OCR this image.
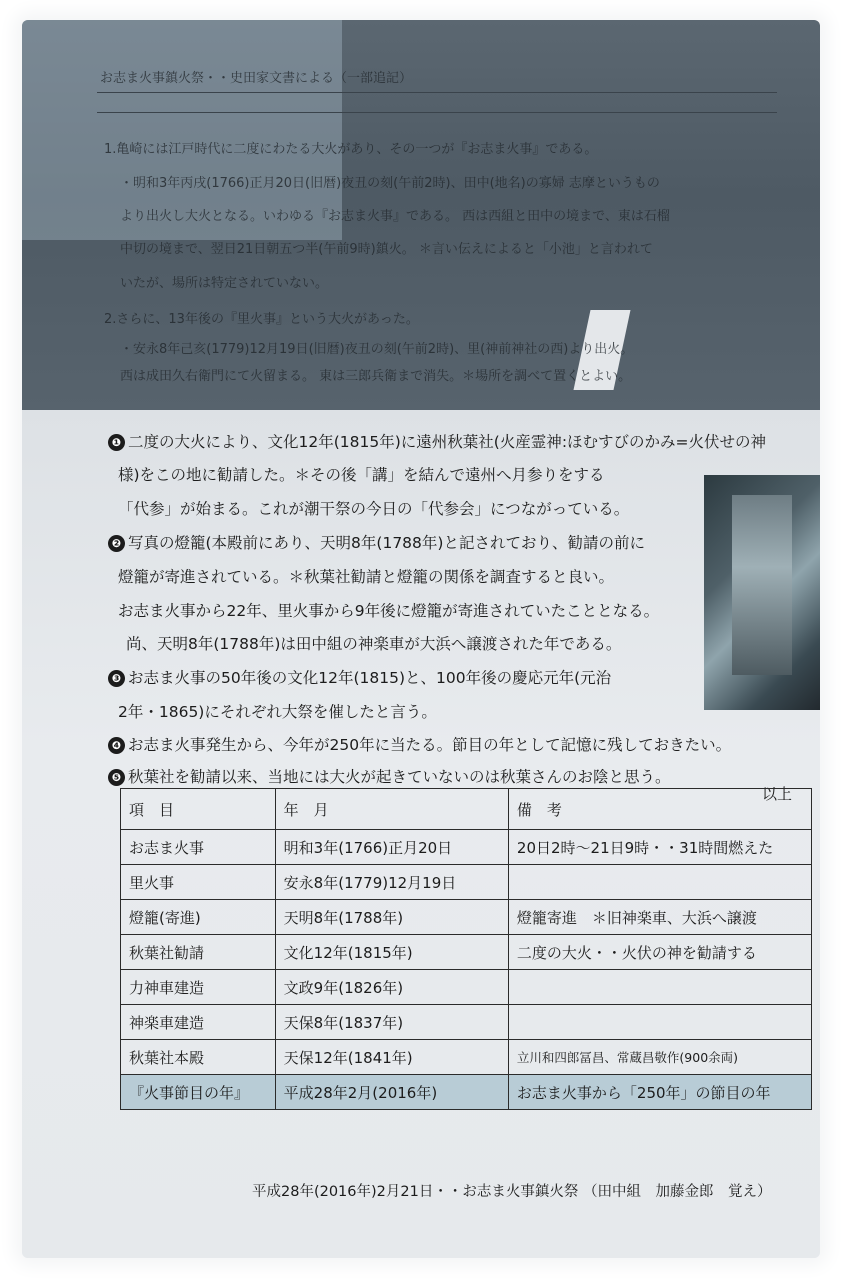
お志ま火事鎮火祭・・史田家文書による（一部追記）
1.亀崎には江戸時代に二度にわたる大火があり、その一つが『お志ま火事』である。
・明和3年丙戌(1766)正月20日(旧暦)夜丑の刻(午前2時)、田中(地名)の寡婦 志摩というもの
より出火し大火となる。いわゆる『お志ま火事』である。 西は西組と田中の境まで、東は石榴
中切の境まで、翌日21日朝五つ半(午前9時)鎮火。 ＊言い伝えによると「小池」と言われて
いたが、場所は特定されていない。
2.さらに、13年後の『里火事』という大火があった。
・安永8年己亥(1779)12月19日(旧暦)夜丑の刻(午前2時)、里(神前神社の西)より出火。
西は成田久右衛門にて火留まる。 東は三郎兵衛まで消失。＊場所を調べて置くとよい。
❶ 二度の大火により、文化12年(1815年)に遠州秋葉社(火産霊神:ほむすびのかみ=火伏せの神
様)をこの地に勧請した。＊その後「講」を結んで遠州へ月参りをする
「代参」が始まる。これが潮干祭の今日の「代参会」につながっている。
❷ 写真の燈籠(本殿前にあり、天明8年(1788年)と記されており、勧請の前に
燈籠が寄進されている。＊秋葉社勧請と燈籠の関係を調査すると良い。
お志ま火事から22年、里火事から9年後に燈籠が寄進されていたこととなる。
尚、天明8年(1788年)は田中組の神楽車が大浜へ譲渡された年である。
❸ お志ま火事の50年後の文化12年(1815)と、100年後の慶応元年(元治
2年・1865)にそれぞれ大祭を催したと言う。
❹ お志ま火事発生から、今年が250年に当たる。節目の年として記憶に残しておきたい。
❺ 秋葉社を勧請以来、当地には大火が起きていないのは秋葉さんのお陰と思う。
以上
項　目	年　月	備　考
お志ま火事	明和3年(1766)正月20日	20日2時〜21日9時・・31時間燃えた
里火事	安永8年(1779)12月19日	
燈籠(寄進)	天明8年(1788年)	燈籠寄進　＊旧神楽車、大浜へ譲渡
秋葉社勧請	文化12年(1815年)	二度の大火・・火伏の神を勧請する
力神車建造	文政9年(1826年)	
神楽車建造	天保8年(1837年)	
秋葉社本殿	天保12年(1841年)	立川和四郎冨昌、常蔵昌敬作(900余両)
『火事節目の年』	平成28年2月(2016年)	お志ま火事から「250年」の節目の年
平成28年(2016年)2月21日・・お志ま火事鎮火祭 （田中組　加藤金郎　覚え）
